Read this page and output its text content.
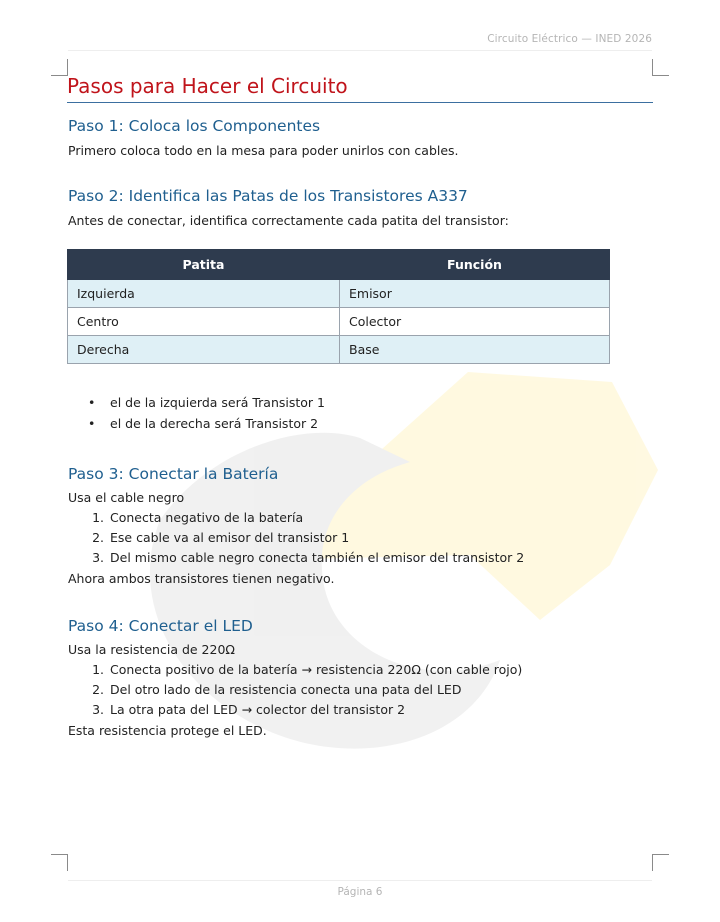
Circuito Eléctrico — INED 2026
Pasos para Hacer el Circuito
Paso 1: Coloca los Componentes

Primero coloca todo en la mesa para poder unirlos con cables.

Paso 2: Identifica las Patas de los Transistores A337

Antes de conectar, identifica correctamente cada patita del transistor:

Patita	Función
Izquierda	Emisor
Centro	Colector
Derecha	Base
• el de la izquierda será Transistor 1
• el de la derecha será Transistor 2
Paso 3: Conectar la Batería

Usa el cable negro

1. Conecta negativo de la batería
2. Ese cable va al emisor del transistor 1
3. Del mismo cable negro conecta también el emisor del transistor 2

Ahora ambos transistores tienen negativo.

Paso 4: Conectar el LED

Usa la resistencia de 220Ω

1. Conecta positivo de la batería → resistencia 220Ω (con cable rojo)
2. Del otro lado de la resistencia conecta una pata del LED
3. La otra pata del LED → colector del transistor 2

Esta resistencia protege el LED.

Página 6
